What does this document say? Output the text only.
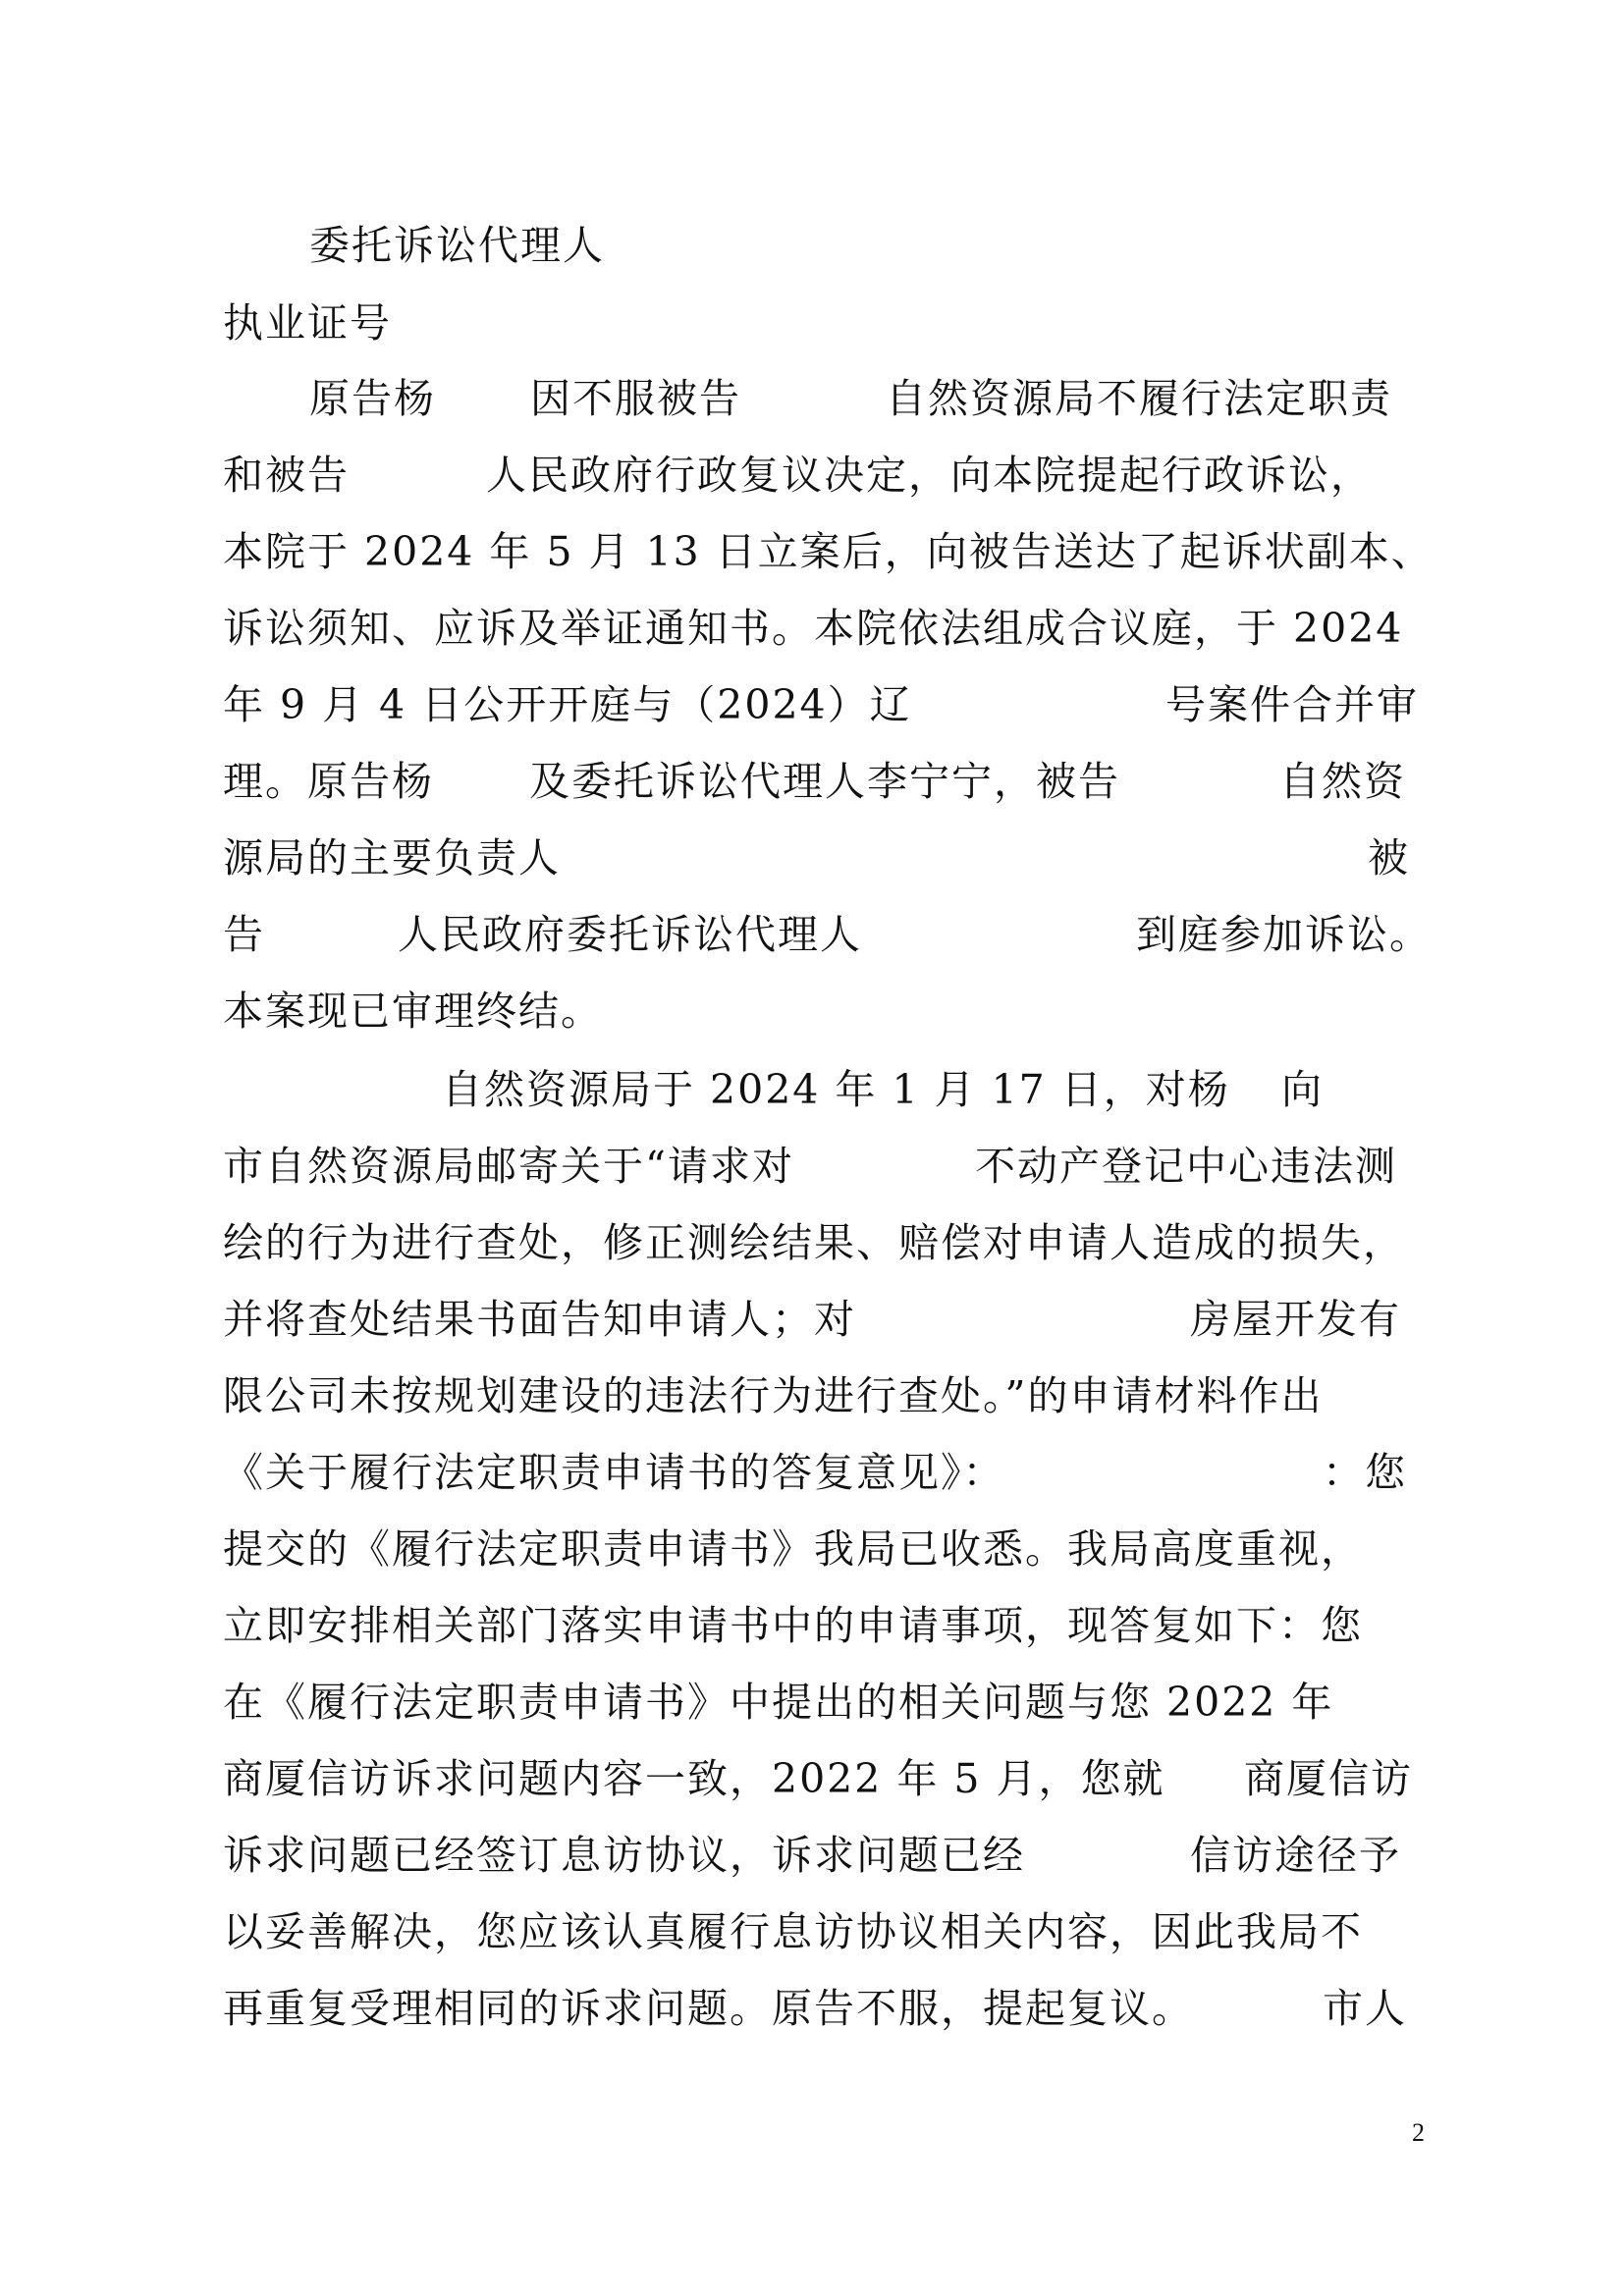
委托诉讼代理人
执业证号
原告杨 因不服被告	自然资源局不履行法定职责
和被告	人民政府行政复议决定，向本院提起行政诉讼，
本院于 2024 年 5 月 13 日立案后，向被告送达了起诉状副本、
诉讼须知、应诉及举证通知书。本院依法组成合议庭，于 2024
年 9 月 4 日公开开庭与（2024）辽	号案件合并审
理。原告杨 及委托诉讼代理人李宁宁，被告	自然资
源局的主要负责人	被
告	人民政府委托诉讼代理人	到庭参加诉讼。
本案现已审理终结。
自然资源局于 2024 年 1 月 17 日，对杨 向
市自然资源局邮寄关于“请求对	不动产登记中心违法测
绘的行为进行查处，修正测绘结果、赔偿对申请人造成的损失，
并将查处结果书面告知申请人；对	房屋开发有
限公司未按规划建设的违法行为进行查处。”的申请材料作出
《关于履行法定职责申请书的答复意见》：	：您
提交的《履行法定职责申请书》我局已收悉。我局高度重视，
立即安排相关部门落实申请书中的申请事项，现答复如下：您
在《履行法定职责申请书》中提出的相关问题与您 2022 年
商厦信访诉求问题内容一致，2022 年 5 月，您就 商厦信访
诉求问题已经签订息访协议，诉求问题已经	信访途径予
以妥善解决，您应该认真履行息访协议相关内容，因此我局不
再重复受理相同的诉求问题。原告不服，提起复议。	市人
2
